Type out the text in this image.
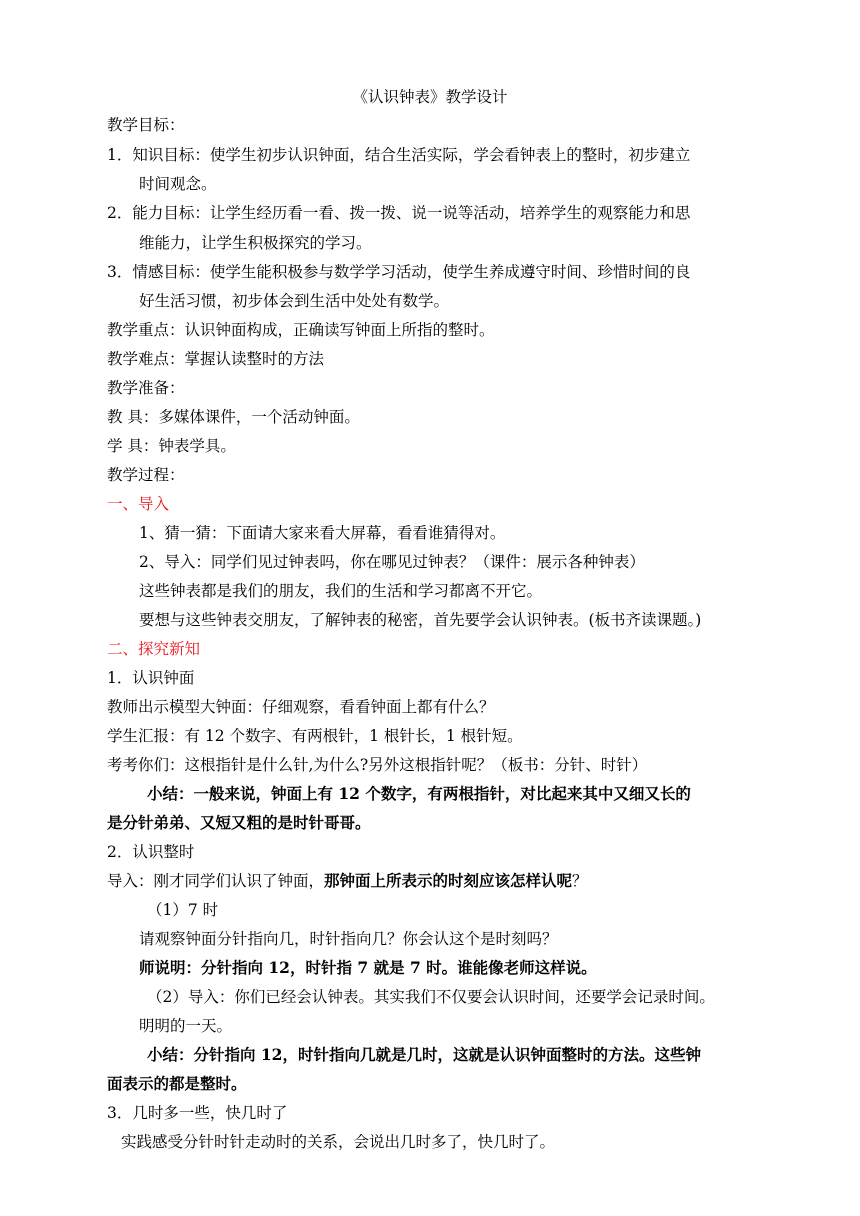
《认识钟表》教学设计
教学目标：
1．知识目标：使学生初步认识钟面，结合生活实际，学会看钟表上的整时，初步建立
时间观念。
2．能力目标：让学生经历看一看、拨一拨、说一说等活动，培养学生的观察能力和思
维能力，让学生积极探究的学习。
3．情感目标：使学生能积极参与数学学习活动，使学生养成遵守时间、珍惜时间的良
好生活习惯，初步体会到生活中处处有数学。
教学重点：认识钟面构成，正确读写钟面上所指的整时。
教学难点：掌握认读整时的方法
教学准备：
教 具：多媒体课件，一个活动钟面。
学 具：钟表学具。
教学过程：
一、导入
1、猜一猜：下面请大家来看大屏幕，看看谁猜得对。
2、导入：同学们见过钟表吗，你在哪见过钟表？（课件：展示各种钟表）
这些钟表都是我们的朋友，我们的生活和学习都离不开它。
要想与这些钟表交朋友，了解钟表的秘密，首先要学会认识钟表。(板书齐读课题。)
二、探究新知
1．认识钟面
教师出示模型大钟面：仔细观察，看看钟面上都有什么？
学生汇报：有 12 个数字、有两根针，1 根针长，1 根针短。
考考你们：这根指针是什么针,为什么?另外这根指针呢？（板书：分针、时针）
小结：一般来说，钟面上有 12 个数字，有两根指针，对比起来其中又细又长的
是分针弟弟、又短又粗的是时针哥哥。
2．认识整时
导入：刚才同学们认识了钟面，那钟面上所表示的时刻应该怎样认呢？
（1）7 时
请观察钟面分针指向几，时针指向几？你会认这个是时刻吗？
师说明：分针指向 12，时针指 7 就是 7 时。谁能像老师这样说。
（2）导入：你们已经会认钟表。其实我们不仅要会认识时间，还要学会记录时间。
明明的一天。
小结：分针指向 12，时针指向几就是几时，这就是认识钟面整时的方法。这些钟
面表示的都是整时。
3．几时多一些，快几时了
实践感受分针时针走动时的关系，会说出几时多了，快几时了。
